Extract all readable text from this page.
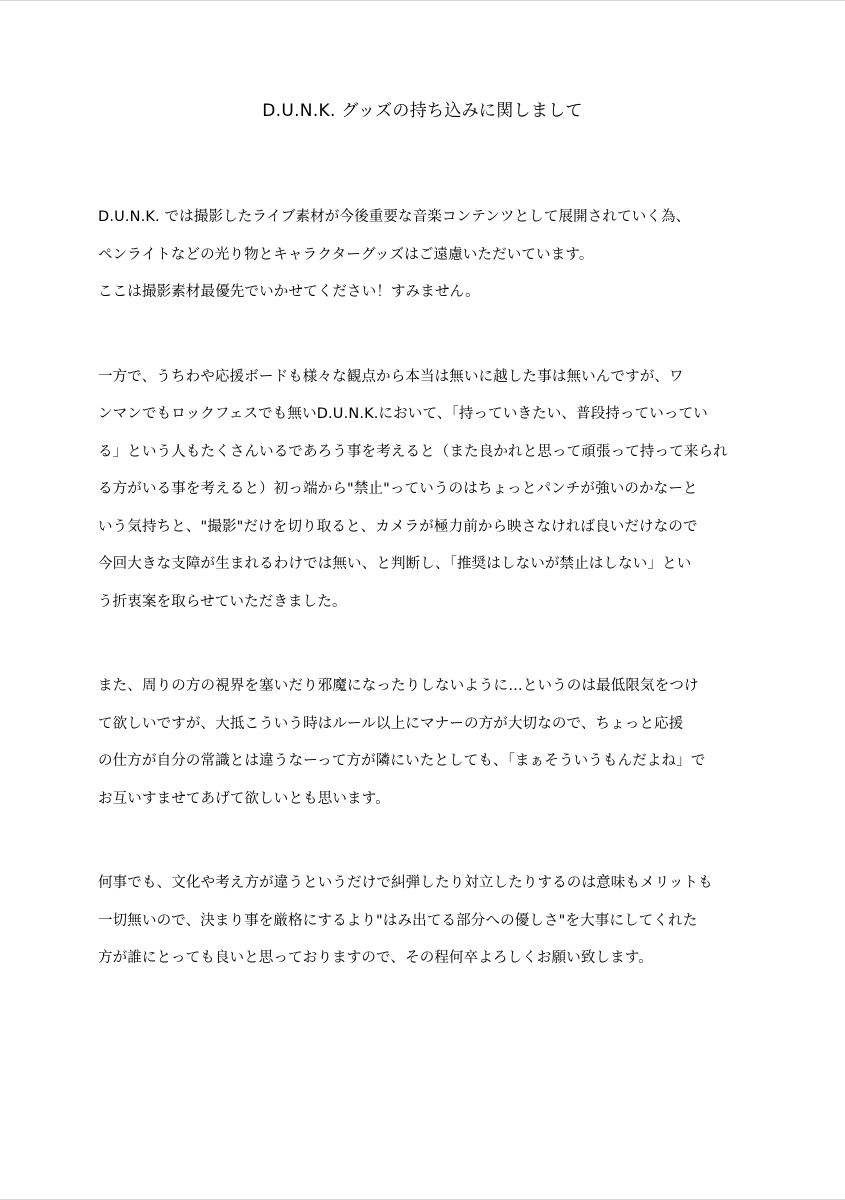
D.U.N.K. グッズの持ち込みに関しまして

D.U.N.K. では撮影したライブ素材が今後重要な音楽コンテンツとして展開されていく為、
ペンライトなどの光り物とキャラクターグッズはご遠慮いただいています。
ここは撮影素材最優先でいかせてください！すみません。

一方で、うちわや応援ボードも様々な観点から本当は無いに越した事は無いんですが、ワ
ンマンでもロックフェスでも無いD.U.N.K.において、「持っていきたい、普段持っていってい
る」という人もたくさんいるであろう事を考えると（また良かれと思って頑張って持って来られ
る方がいる事を考えると）初っ端から"禁止"っていうのはちょっとパンチが強いのかなーと
いう気持ちと、"撮影"だけを切り取ると、カメラが極力前から映さなければ良いだけなので
今回大きな支障が生まれるわけでは無い、と判断し、「推奨はしないが禁止はしない」とい
う折衷案を取らせていただきました。

また、周りの方の視界を塞いだり邪魔になったりしないように…というのは最低限気をつけ
て欲しいですが、大抵こういう時はルール以上にマナーの方が大切なので、ちょっと応援
の仕方が自分の常識とは違うなーって方が隣にいたとしても、「まぁそういうもんだよね」で
お互いすませてあげて欲しいとも思います。

何事でも、文化や考え方が違うというだけで糾弾したり対立したりするのは意味もメリットも
一切無いので、決まり事を厳格にするより"はみ出てる部分への優しさ"を大事にしてくれた
方が誰にとっても良いと思っておりますので、その程何卒よろしくお願い致します。
